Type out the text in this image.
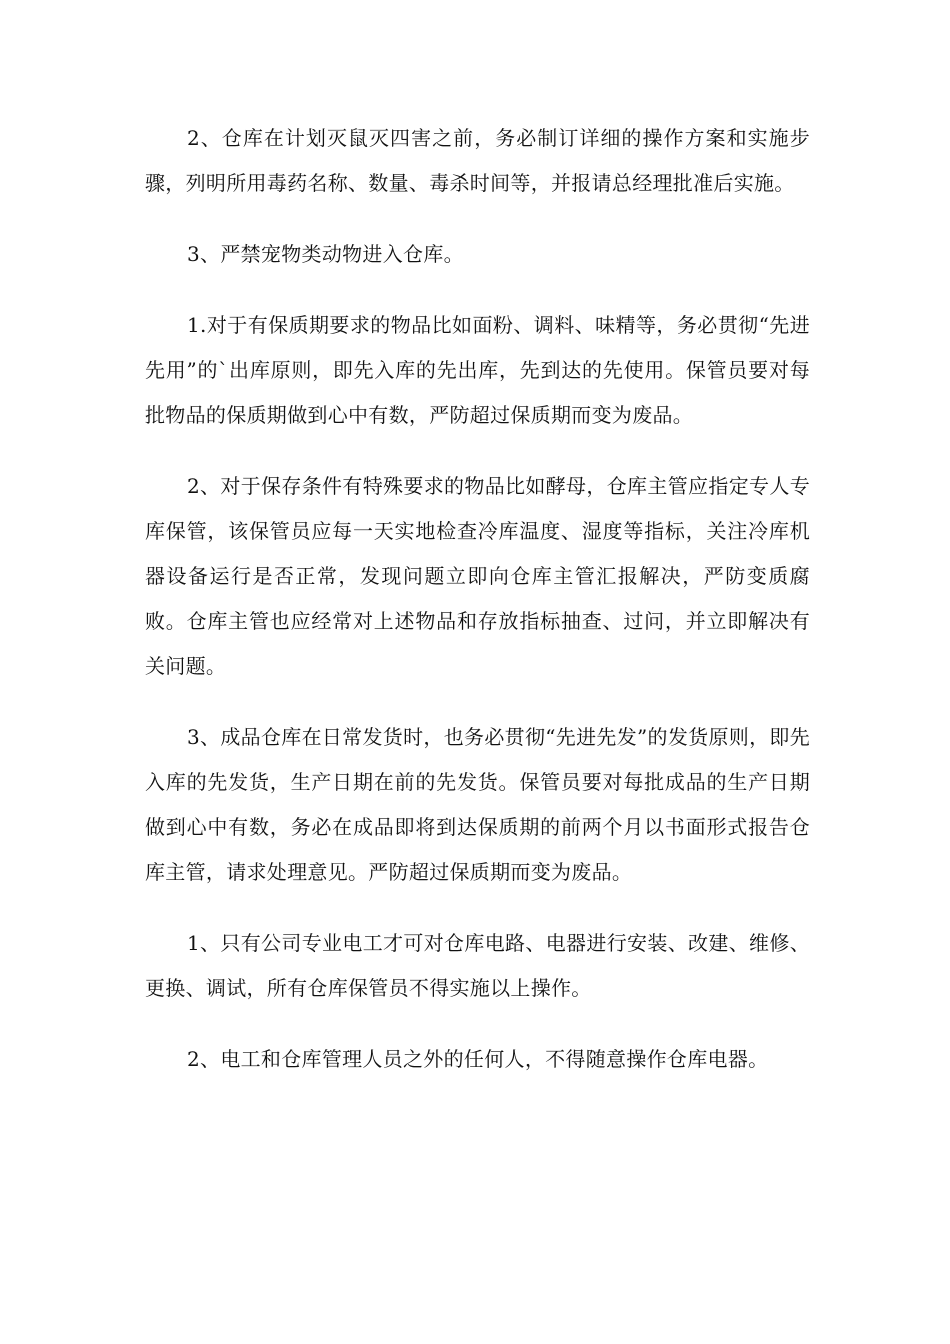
2、仓库在计划灭鼠灭四害之前，务必制订详细的操作方案和实施步骤，列明所用毒药名称、数量、毒杀时间等，并报请总经理批准后实施。

3、严禁宠物类动物进入仓库。

1.对于有保质期要求的物品比如面粉、调料、味精等，务必贯彻“先进先用”的`出库原则，即先入库的先出库，先到达的先使用。保管员要对每批物品的保质期做到心中有数，严防超过保质期而变为废品。

2、对于保存条件有特殊要求的物品比如酵母，仓库主管应指定专人专库保管，该保管员应每一天实地检查冷库温度、湿度等指标，关注冷库机器设备运行是否正常，发现问题立即向仓库主管汇报解决，严防变质腐败。仓库主管也应经常对上述物品和存放指标抽查、过问，并立即解决有关问题。

3、成品仓库在日常发货时，也务必贯彻“先进先发”的发货原则，即先入库的先发货，生产日期在前的先发货。保管员要对每批成品的生产日期做到心中有数，务必在成品即将到达保质期的前两个月以书面形式报告仓库主管，请求处理意见。严防超过保质期而变为废品。

1、只有公司专业电工才可对仓库电路、电器进行安装、改建、维修、更换、调试，所有仓库保管员不得实施以上操作。

2、电工和仓库管理人员之外的任何人，不得随意操作仓库电器。
